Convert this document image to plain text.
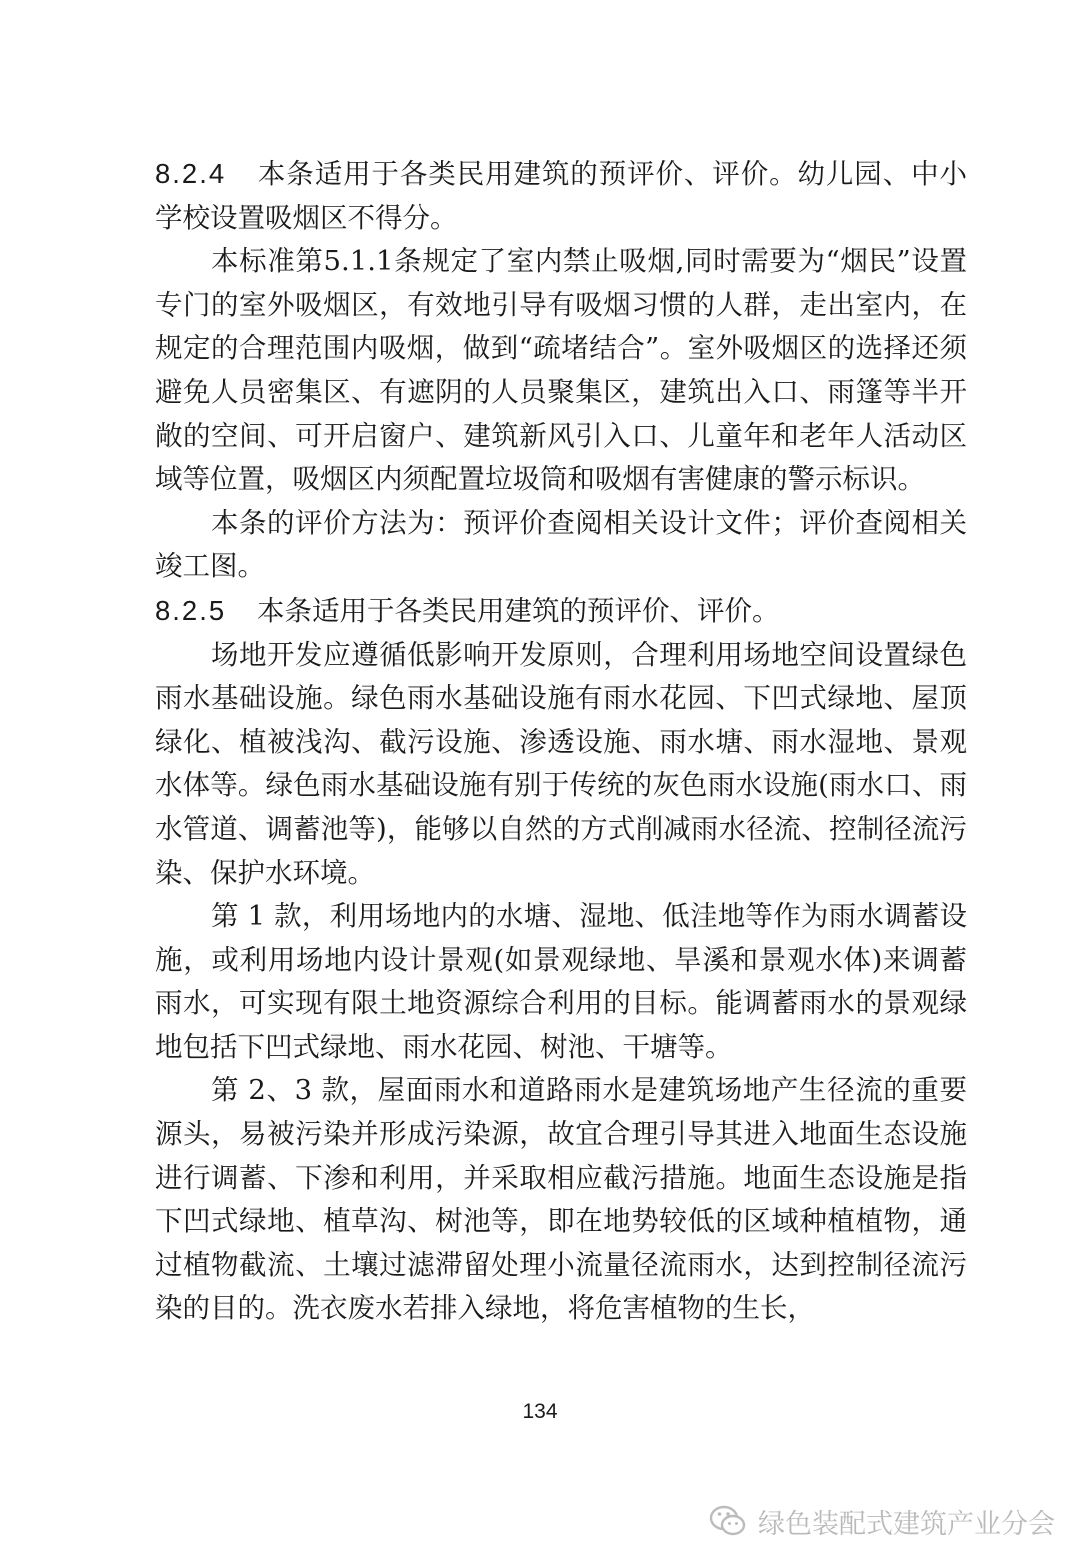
8.2.4 本条适用于各类民用建筑的预评价、评价。幼儿园、中小学校设置吸烟区不得分。

本标准第5.1.1条规定了室内禁止吸烟,同时需要为“烟民”设置专门的室外吸烟区，有效地引导有吸烟习惯的人群，走出室内，在规定的合理范围内吸烟，做到“疏堵结合”。室外吸烟区的选择还须避免人员密集区、有遮阴的人员聚集区，建筑出入口、雨篷等半开敞的空间、可开启窗户、建筑新风引入口、儿童年和老年人活动区域等位置，吸烟区内须配置垃圾筒和吸烟有害健康的警示标识。

本条的评价方法为：预评价查阅相关设计文件；评价查阅相关竣工图。

8.2.5 本条适用于各类民用建筑的预评价、评价。

场地开发应遵循低影响开发原则，合理利用场地空间设置绿色雨水基础设施。绿色雨水基础设施有雨水花园、下凹式绿地、屋顶绿化、植被浅沟、截污设施、渗透设施、雨水塘、雨水湿地、景观水体等。绿色雨水基础设施有别于传统的灰色雨水设施(雨水口、雨水管道、调蓄池等)，能够以自然的方式削减雨水径流、控制径流污染、保护水环境。

第 1 款，利用场地内的水塘、湿地、低洼地等作为雨水调蓄设施，或利用场地内设计景观(如景观绿地、旱溪和景观水体)来调蓄雨水，可实现有限土地资源综合利用的目标。能调蓄雨水的景观绿地包括下凹式绿地、雨水花园、树池、干塘等。

第 2、3 款，屋面雨水和道路雨水是建筑场地产生径流的重要源头，易被污染并形成污染源，故宜合理引导其进入地面生态设施进行调蓄、下渗和利用，并采取相应截污措施。地面生态设施是指下凹式绿地、植草沟、树池等，即在地势较低的区域种植植物，通过植物截流、土壤过滤滞留处理小流量径流雨水，达到控制径流污染的目的。洗衣废水若排入绿地，将危害植物的生长，

134
绿色装配式建筑产业分会
